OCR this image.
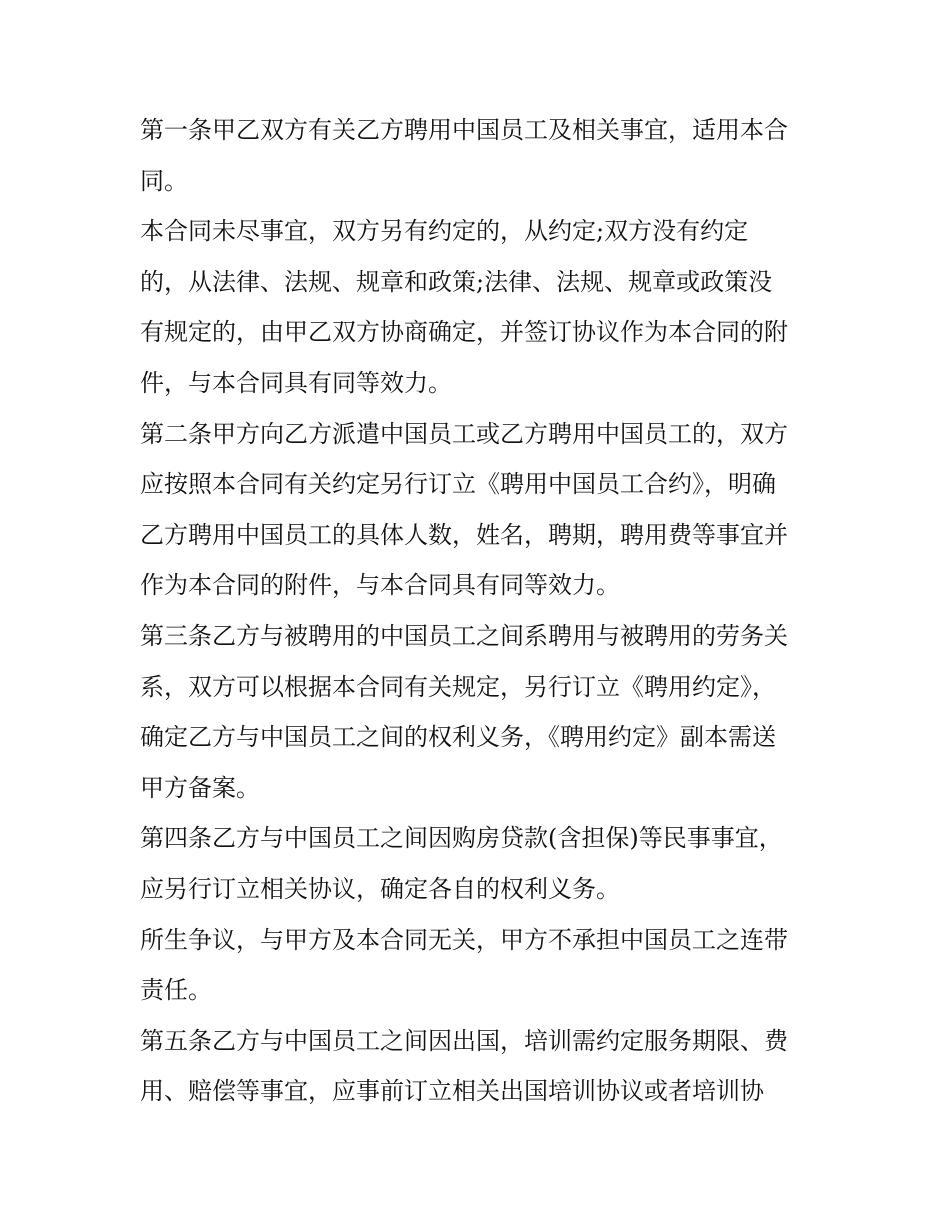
第一条甲乙双方有关乙方聘用中国员工及相关事宜，适用本合
同。
本合同未尽事宜，双方另有约定的，从约定;双方没有约定
的，从法律、法规、规章和政策;法律、法规、规章或政策没
有规定的，由甲乙双方协商确定，并签订协议作为本合同的附
件，与本合同具有同等效力。
第二条甲方向乙方派遣中国员工或乙方聘用中国员工的，双方
应按照本合同有关约定另行订立《聘用中国员工合约》，明确
乙方聘用中国员工的具体人数，姓名，聘期，聘用费等事宜并
作为本合同的附件，与本合同具有同等效力。
第三条乙方与被聘用的中国员工之间系聘用与被聘用的劳务关
系，双方可以根据本合同有关规定，另行订立《聘用约定》，
确定乙方与中国员工之间的权利义务，《聘用约定》副本需送
甲方备案。
第四条乙方与中国员工之间因购房贷款(含担保)等民事事宜，
应另行订立相关协议，确定各自的权利义务。
所生争议，与甲方及本合同无关，甲方不承担中国员工之连带
责任。
第五条乙方与中国员工之间因出国，培训需约定服务期限、费
用、赔偿等事宜，应事前订立相关出国培训协议或者培训协
